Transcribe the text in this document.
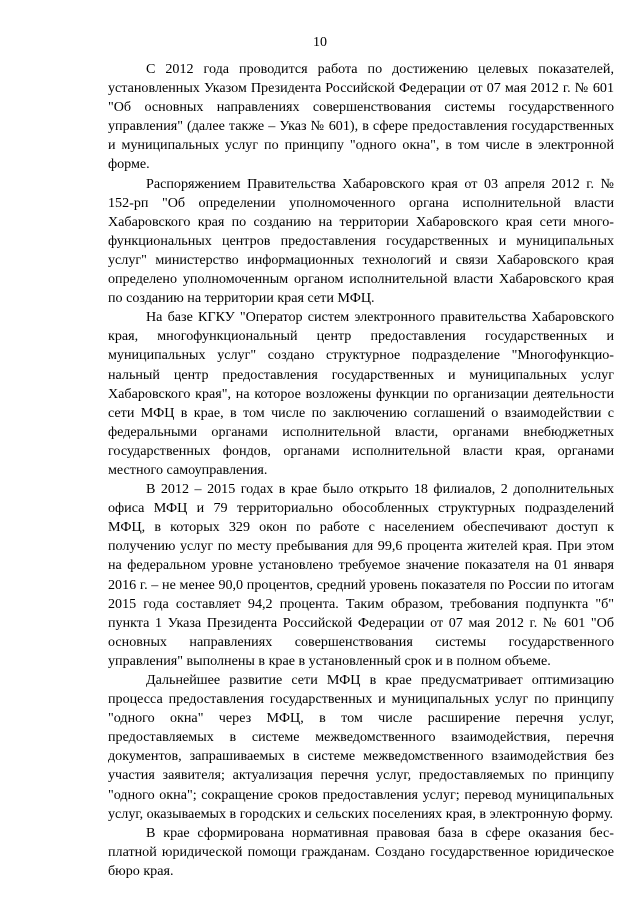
10

С 2012 года проводится работа по достижению целевых показателей, установленных Указом Президента Российской Федерации от 07 мая 2012 г. № 601 "Об основных направлениях совершенствования системы государственного управления" (далее также – Указ № 601), в сфере предоставления государственных и муниципальных услуг по принципу "одного окна", в том числе в электронной форме.

Распоряжением Правительства Хабаровского края от 03 апреля 2012 г. № 152-рп "Об определении уполномоченного органа исполнительной власти Хабаровского края по созданию на территории Хабаровского края сети многофункциональных центров предоставления государственных и муниципальных услуг" министерство информационных технологий и связи Хабаровского края определено уполномоченным органом исполнительной власти Хабаровского края по созданию на территории края сети МФЦ.

На базе КГКУ "Оператор систем электронного правительства Хабаровского края, многофункциональный центр предоставления государственных и муниципальных услуг" создано структурное подразделение "Многофункциональный центр предоставления государственных и муниципальных услуг Хабаровского края", на которое возложены функции по организации деятельности сети МФЦ в крае, в том числе по заключению соглашений о взаимодействии с федеральными органами исполнительной власти, органами внебюджетных государственных фондов, органами исполнительной власти края, органами местного самоуправления.

В 2012 – 2015 годах в крае было открыто 18 филиалов, 2 дополнительных офиса МФЦ и 79 территориально обособленных структурных подразделений МФЦ, в которых 329 окон по работе с населением обеспечивают доступ к получению услуг по месту пребывания для 99,6 процента жителей края. При этом на федеральном уровне установлено требуемое значение показателя на 01 января 2016 г. – не менее 90,0 процентов, средний уровень показателя по России по итогам 2015 года составляет 94,2 процента. Таким образом, требования подпункта "б" пункта 1 Указа Президента Российской Федерации от 07 мая 2012 г. № 601 "Об основных направлениях совершенствования системы государственного управления" выполнены в крае в установленный срок и в полном объеме.

Дальнейшее развитие сети МФЦ в крае предусматривает оптимизацию процесса предоставления государственных и муниципальных услуг по принципу "одного окна" через МФЦ, в том числе расширение перечня услуг, предоставляемых в системе межведомственного взаимодействия, перечня документов, запрашиваемых в системе межведомственного взаимодействия без участия заявителя; актуализация перечня услуг, предоставляемых по принципу "одного окна"; сокращение сроков предоставления услуг; перевод муниципальных услуг, оказываемых в городских и сельских поселениях края, в электронную форму.

В крае сформирована нормативная правовая база в сфере оказания бесплатной юридической помощи гражданам. Создано государственное юридическое бюро края.
